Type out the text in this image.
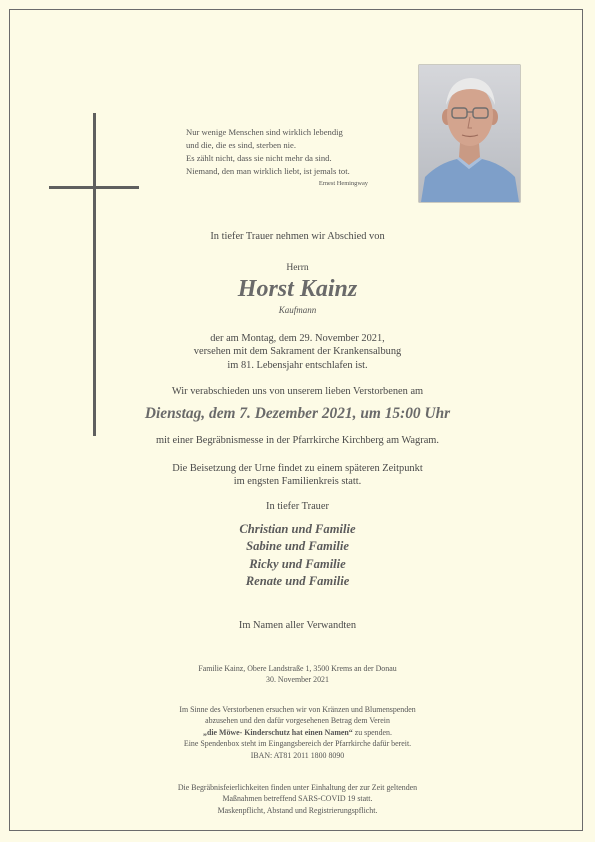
Nur wenige Menschen sind wirklich lebendig
und die, die es sind, sterben nie.
Es zählt nicht, dass sie nicht mehr da sind.
Niemand, den man wirklich liebt, ist jemals tot.
Ernest Hemingway
In tiefer Trauer nehmen wir Abschied von
Herrn
Horst Kainz
Kaufmann
der am Montag, dem 29. November 2021,
versehen mit dem Sakrament der Krankensalbung
im 81. Lebensjahr entschlafen ist.
Wir verabschieden uns von unserem lieben Verstorbenen am
Dienstag, dem 7. Dezember 2021, um 15:00 Uhr
mit einer Begräbnismesse in der Pfarrkirche Kirchberg am Wagram.
Die Beisetzung der Urne findet zu einem späteren Zeitpunkt
im engsten Familienkreis statt.
In tiefer Trauer
Christian und Familie
Sabine und Familie
Ricky und Familie
Renate und Familie
Im Namen aller Verwandten
Familie Kainz, Obere Landstraße 1, 3500 Krems an der Donau
30. November 2021
Im Sinne des Verstorbenen ersuchen wir von Kränzen und Blumenspenden
abzusehen und den dafür vorgesehenen Betrag dem Verein
„die Möwe- Kinderschutz hat einen Namen“ zu spenden.
Eine Spendenbox steht im Eingangsbereich der Pfarrkirche dafür bereit.
IBAN: AT81 2011 1800 8090
Die Begräbnisfeierlichkeiten finden unter Einhaltung der zur Zeit geltenden
Maßnahmen betreffend SARS-COVID 19 statt.
Maskenpflicht, Abstand und Registrierungspflicht.
